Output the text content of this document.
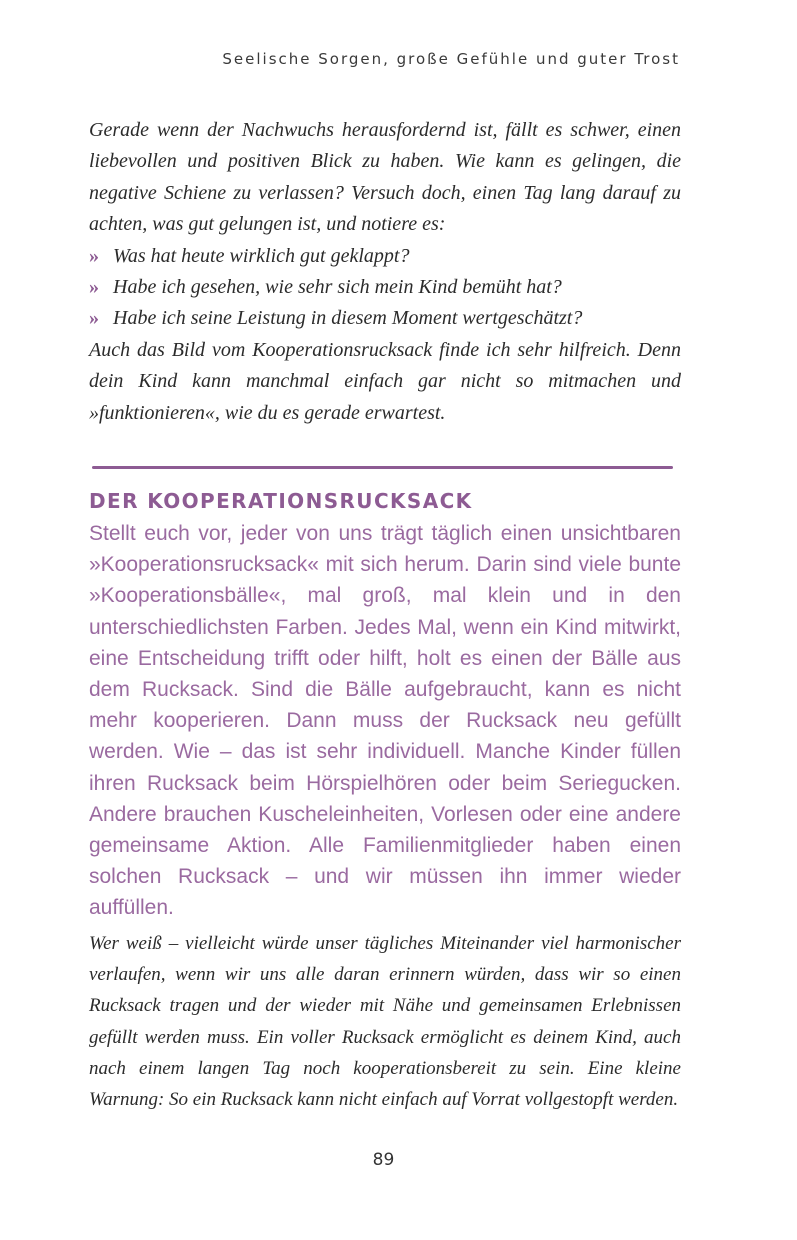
Seelische Sorgen, große Gefühle und guter Trost

Gerade wenn der Nachwuchs herausfordernd ist, fällt es schwer, einen liebevollen und positiven Blick zu haben. Wie kann es gelingen, die negative Schiene zu verlassen? Versuch doch, einen Tag lang darauf zu achten, was gut gelungen ist, und notiere es:

» Was hat heute wirklich gut geklappt?
» Habe ich gesehen, wie sehr sich mein Kind bemüht hat?
» Habe ich seine Leistung in diesem Moment wertgeschätzt?

Auch das Bild vom Kooperationsrucksack finde ich sehr hilfreich. Denn dein Kind kann manchmal einfach gar nicht so mitmachen und »funktionieren«, wie du es gerade erwartest.

DER KOOPERATIONSRUCKSACK

Stellt euch vor, jeder von uns trägt täglich einen unsichtbaren »Kooperationsrucksack« mit sich herum. Darin sind viele bunte »Kooperationsbälle«, mal groß, mal klein und in den unterschiedlichsten Farben. Jedes Mal, wenn ein Kind mitwirkt, eine Entscheidung trifft oder hilft, holt es einen der Bälle aus dem Rucksack. Sind die Bälle aufgebraucht, kann es nicht mehr kooperieren. Dann muss der Rucksack neu gefüllt werden. Wie – das ist sehr individuell. Manche Kinder füllen ihren Rucksack beim Hörspielhören oder beim Seriegucken. Andere brauchen Kuscheleinheiten, Vorlesen oder eine andere gemeinsame Aktion. Alle Familienmitglieder haben einen solchen Rucksack – und wir müssen ihn immer wieder auffüllen.

Wer weiß – vielleicht würde unser tägliches Miteinander viel harmonischer verlaufen, wenn wir uns alle daran erinnern würden, dass wir so einen Rucksack tragen und der wieder mit Nähe und gemeinsamen Erlebnissen gefüllt werden muss. Ein voller Rucksack ermöglicht es deinem Kind, auch nach einem langen Tag noch kooperationsbereit zu sein. Eine kleine Warnung: So ein Rucksack kann nicht einfach auf Vorrat vollgestopft werden.

89
